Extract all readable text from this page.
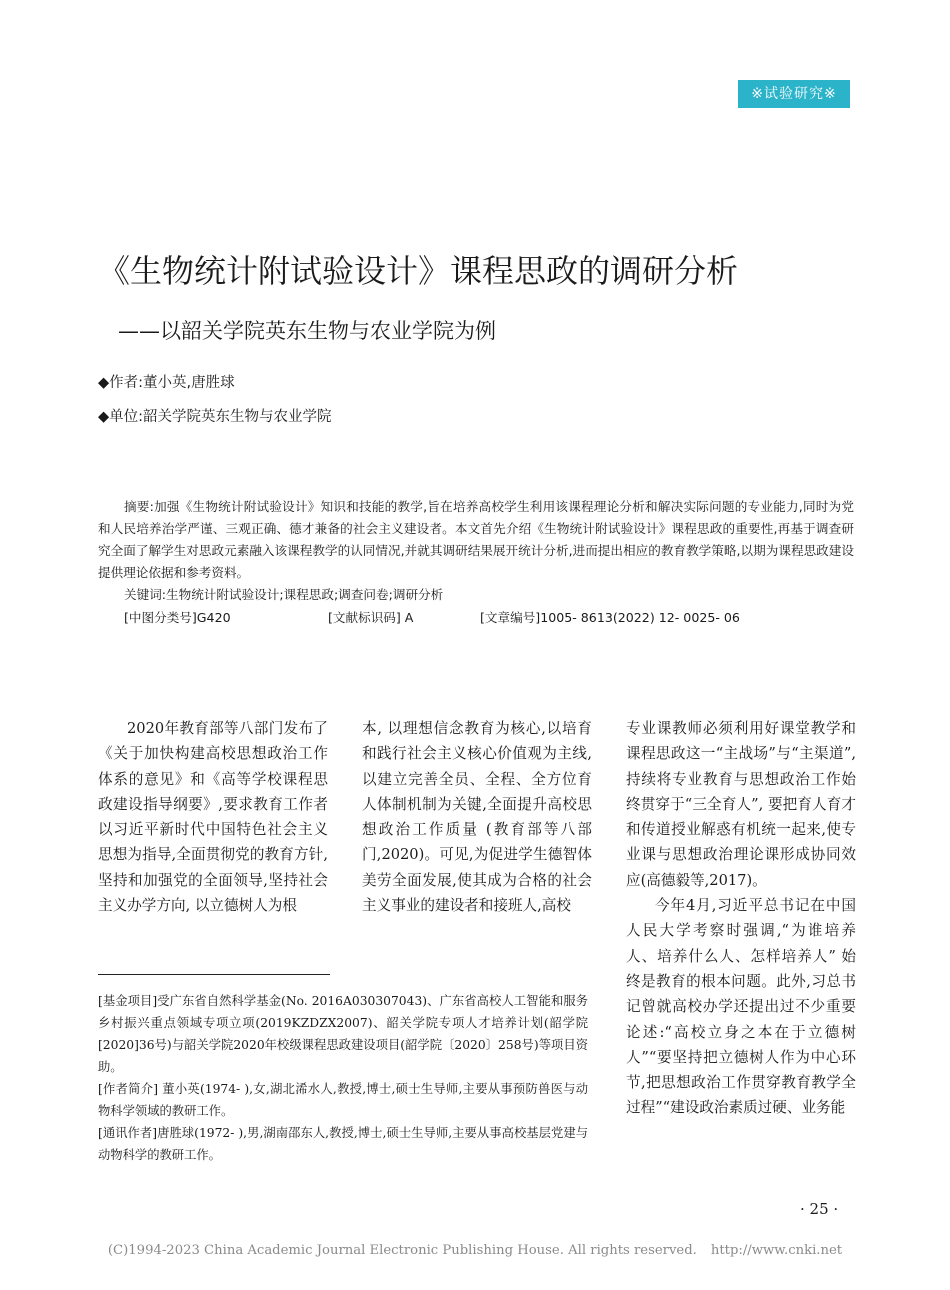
※试验研究※
《生物统计附试验设计》课程思政的调研分析
——以韶关学院英东生物与农业学院为例
◆作者:董小英,唐胜球
◆单位:韶关学院英东生物与农业学院
摘要:加强《生物统计附试验设计》知识和技能的教学,旨在培养高校学生利用该课程理论分析和解决实际问题的专业能力,同时为党和人民培养治学严谨、三观正确、德才兼备的社会主义建设者。本文首先介绍《生物统计附试验设计》课程思政的重要性,再基于调查研究全面了解学生对思政元素融入该课程教学的认同情况,并就其调研结果展开统计分析,进而提出相应的教育教学策略,以期为课程思政建设提供理论依据和参考资料。
关键词:生物统计附试验设计;课程思政;调查问卷;调研分析
[中图分类号]G420	[文献标识码] A	[文章编号]1005- 8613(2022) 12- 0025- 06

2020年教育部等八部门发布了《关于加快构建高校思想政治工作体系的意见》和《高等学校课程思政建设指导纲要》,要求教育工作者以习近平新时代中国特色社会主义思想为指导,全面贯彻党的教育方针,坚持和加强党的全面领导,坚持社会主义办学方向, 以立德树人为根

本, 以理想信念教育为核心,以培育和践行社会主义核心价值观为主线, 以建立完善全员、全程、全方位育人体制机制为关键,全面提升高校思想政治工作质量 (教育部等八部门,2020)。可见,为促进学生德智体美劳全面发展,使其成为合格的社会主义事业的建设者和接班人,高校

专业课教师必须利用好课堂教学和课程思政这一“主战场”与“主渠道”,持续将专业教育与思想政治工作始终贯穿于“三全育人”, 要把育人育才和传道授业解惑有机统一起来,使专业课与思想政治理论课形成协同效应(高德毅等,2017)。

今年4月,习近平总书记在中国人民大学考察时强调,“为谁培养人、培养什么人、怎样培养人” 始终是教育的根本问题。此外,习总书记曾就高校办学还提出过不少重要论述:“高校立身之本在于立德树人”“要坚持把立德树人作为中心环节,把思想政治工作贯穿教育教学全过程”“建设政治素质过硬、业务能

[基金项目]受广东省自然科学基金(No. 2016A030307043)、广东省高校人工智能和服务乡村振兴重点领域专项立项(2019KZDZX2007)、韶关学院专项人才培养计划(韶学院[2020]36号)与韶关学院2020年校级课程思政建设项目(韶学院〔2020〕258号)等项目资助。

[作者简介] 董小英(1974- ),女,湖北浠水人,教授,博士,硕士生导师,主要从事预防兽医与动物科学领域的教研工作。

[通讯作者]唐胜球(1972- ),男,湖南邵东人,教授,博士,硕士生导师,主要从事高校基层党建与动物科学的教研工作。

· 25 ·
(C)1994-2023 China Academic Journal Electronic Publishing House. All rights reserved. http://www.cnki.net
